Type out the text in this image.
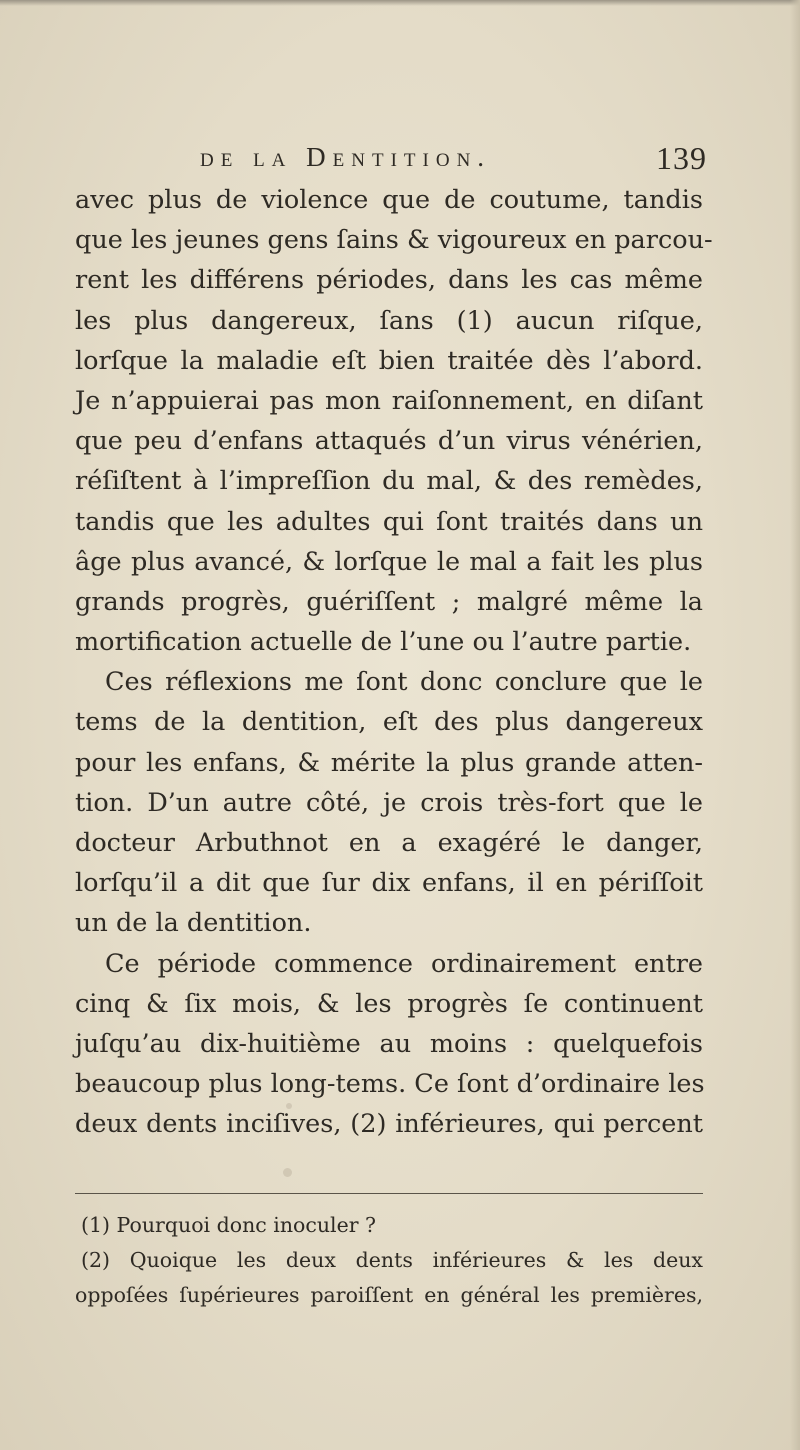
de la Dentition.	139
avec plus de violence que de coutume, tandis
que les jeunes gens ſains & vigoureux en parcou-
rent les différens périodes, dans les cas même
les plus dangereux, ſans (1) aucun riſque,
lorſque la maladie eſt bien traitée dès l’abord.
Je n’appuierai pas mon raiſonnement, en diſant
que peu d’enfans attaqués d’un virus vénérien,
réſiſtent à l’impreſſion du mal, & des remèdes,
tandis que les adultes qui ſont traités dans un
âge plus avancé, & lorſque le mal a fait les plus
grands progrès, guériſſent ; malgré même la
mortification actuelle de l’une ou l’autre partie.
Ces réflexions me ſont donc conclure que le
tems de la dentition, eſt des plus dangereux
pour les enfans, & mérite la plus grande atten-
tion. D’un autre côté, je crois très-fort que le
docteur Arbuthnot en a exagéré le danger,
lorſqu’il a dit que ſur dix enfans, il en périſſoit
un de la dentition.
Ce période commence ordinairement entre
cinq & ſix mois, & les progrès ſe continuent
juſqu’au dix-huitième au moins : quelquefois
beaucoup plus long-tems. Ce ſont d’ordinaire les
deux dents inciſives, (2) inférieures, qui percent
(1) Pourquoi donc inoculer ?
(2) Quoique les deux dents inférieures & les deux
oppoſées ſupérieures paroiſſent en général les premières,
